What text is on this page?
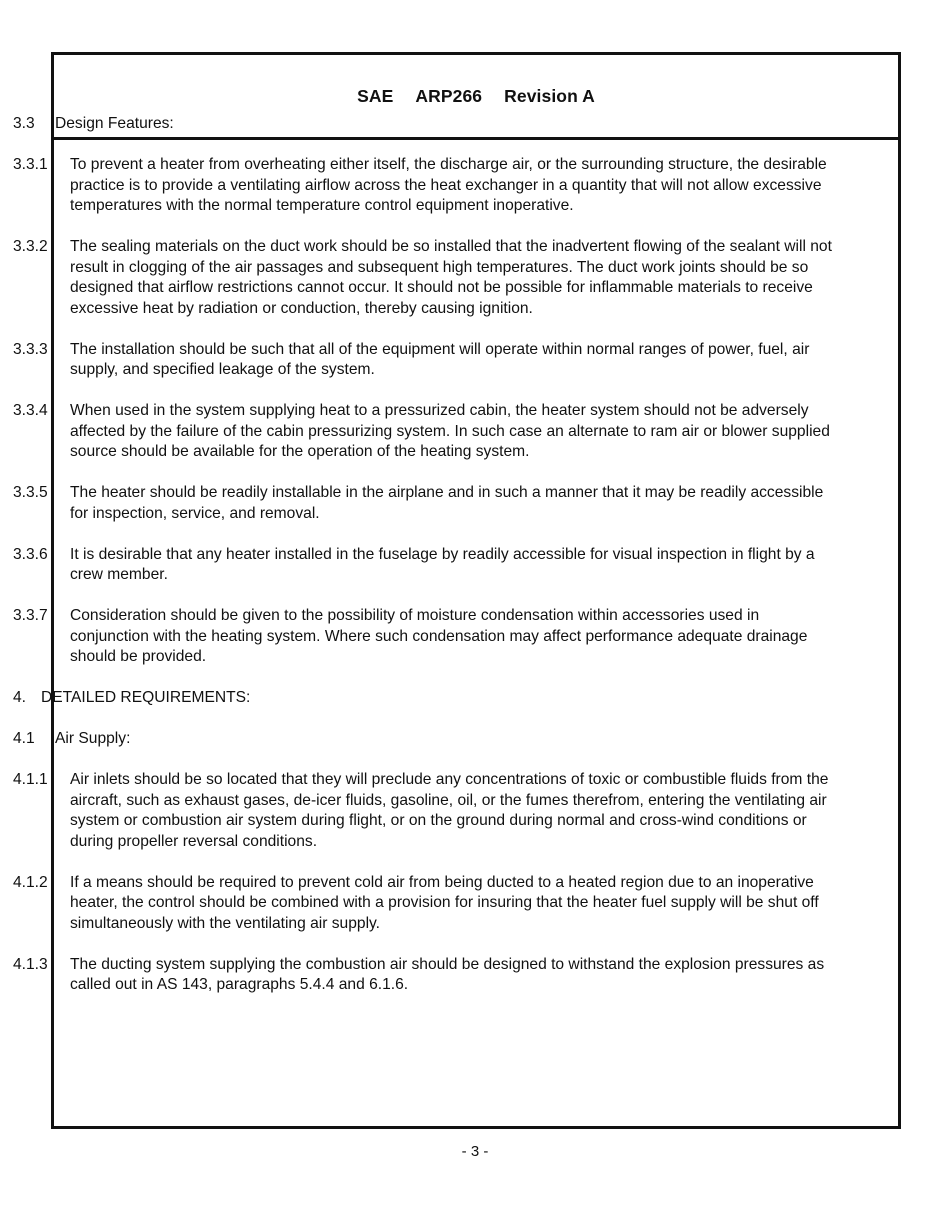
SAE ARP266 Revision A
3.3 Design Features:
3.3.1	To prevent a heater from overheating either itself, the discharge air, or the surrounding structure, the desirable practice is to provide a ventilating airflow across the heat exchanger in a quantity that will not allow excessive temperatures with the normal temperature control equipment inoperative.
3.3.2	The sealing materials on the duct work should be so installed that the inadvertent flowing of the sealant will not result in clogging of the air passages and subsequent high temperatures. The duct work joints should be so designed that airflow restrictions cannot occur. It should not be possible for inflammable materials to receive excessive heat by radiation or conduction, thereby causing ignition.
3.3.3	The installation should be such that all of the equipment will operate within normal ranges of power, fuel, air supply, and specified leakage of the system.
3.3.4	When used in the system supplying heat to a pressurized cabin, the heater system should not be adversely affected by the failure of the cabin pressurizing system. In such case an alternate to ram air or blower supplied source should be available for the operation of the heating system.
3.3.5	The heater should be readily installable in the airplane and in such a manner that it may be readily accessible for inspection, service, and removal.
3.3.6	It is desirable that any heater installed in the fuselage by readily accessible for visual inspection in flight by a crew member.
3.3.7	Consideration should be given to the possibility of moisture condensation within accessories used in conjunction with the heating system. Where such condensation may affect performance adequate drainage should be provided.
4. DETAILED REQUIREMENTS:
4.1 Air Supply:
4.1.1	Air inlets should be so located that they will preclude any concentrations of toxic or combustible fluids from the aircraft, such as exhaust gases, de-icer fluids, gasoline, oil, or the fumes therefrom, entering the ventilating air system or combustion air system during flight, or on the ground during normal and cross-wind conditions or during propeller reversal conditions.
4.1.2	If a means should be required to prevent cold air from being ducted to a heated region due to an inoperative heater, the control should be combined with a provision for insuring that the heater fuel supply will be shut off simultaneously with the ventilating air supply.
4.1.3	The ducting system supplying the combustion air should be designed to withstand the explosion pressures as called out in AS 143, paragraphs 5.4.4 and 6.1.6.
- 3 -
